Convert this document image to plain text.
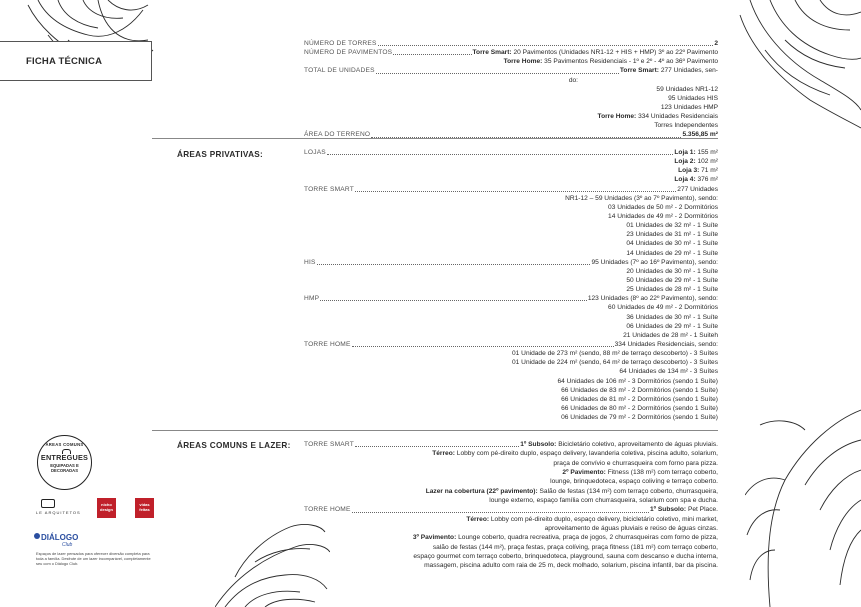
FICHA TÉCNICA
NÚMERO DE TORRES	2
NÚMERO DE PAVIMENTOS	Torre Smart: 20 Pavimentos (Unidades NR1-12 + HIS + HMP) 3º ao 22º Pavimento
Torre Home: 35 Pavimentos Residenciais - 1º e 2º - 4º ao 36º Pavimento
TOTAL DE UNIDADES	Torre Smart: 277 Unidades, sen-
do:
59 Unidades NR1-12
95 Unidades HIS
123 Unidades HMP
Torre Home: 334 Unidades Residenciais
Torres Independentes
ÁREA DO TERRENO	5.356,85 m²
ÁREAS PRIVATIVAS:	LOJAS	Loja 1: 155 m²
Loja 2: 102 m²
Loja 3: 71 m²
Loja 4: 376 m²
TORRE SMART	277 Unidades
NR1-12 – 59 Unidades (3º ao 7º Pavimento), sendo:
03 Unidades de 50 m² - 2 Dormitórios
14 Unidades de 49 m² - 2 Dormitórios
01 Unidades de 32 m² - 1 Suíte
23 Unidades de 31 m² - 1 Suíte
04 Unidades de 30 m² - 1 Suíte
14 Unidades de 29 m² - 1 Suíte
HIS	95 Unidades (7º ao 16º Pavimento), sendo:
20 Unidades de 30 m² - 1 Suíte
50 Unidades de 29 m² - 1 Suíte
25 Unidades de 28 m² - 1 Suíte
HMP	123 Unidades (8º ao 22º Pavimento), sendo:
60 Unidades de 49 m² - 2 Dormitórios
36 Unidades de 30 m² - 1 Suíte
06 Unidades de 29 m² - 1 Suíte
21 Unidades de 28 m² - 1 Suiteh
TORRE HOME	334 Unidades Residenciais, sendo:
01 Unidade de 273 m² (sendo, 88 m² de terraço descoberto) - 3 Suítes
01 Unidade de 224 m² (sendo, 64 m² de terraço descoberto) - 3 Suítes
64 Unidades de 134 m² - 3 Suítes
64 Unidades de 106 m² - 3 Dormitórios (sendo 1 Suíte)
66 Unidades de 83 m² - 2 Dormitórios (sendo 1 Suíte)
66 Unidades de 81 m² - 2 Dormitórios (sendo 1 Suíte)
66 Unidades de 80 m² - 2 Dormitórios (sendo 1 Suíte)
06 Unidades de 79 m² - 2 Dormitórios (sendo 1 Suíte)
ÁREAS COMUNS E LAZER: TORRE SMART	1º Subsolo: Bicicletário coletivo, aproveitamento de águas pluviais.
Térreo: Lobby com pé-direito duplo, espaço delivery, lavanderia coletiva, piscina adulto, solarium,
praça de convívio e churrasqueira com forno para pizza.
2º Pavimento: Fitness (138 m²) com terraço coberto,
lounge, brinquedoteca, espaço colivíng e terraço coberto.
Lazer na cobertura (22º pavimento): Salão de festas (134 m²) com terraço coberto, churrasqueira,
lounge externo, espaço família com churrasqueira, solarium com spa e ducha.
TORRE HOME	1º Subsolo: Pet Place.
Térreo: Lobby com pé-direito duplo, espaço delivery, bicicletário coletivo, mini market,
aproveitamento de águas pluviais e reúso de águas cinzas.
3º Pavimento: Lounge coberto, quadra recreativa, praça de jogos, 2 churrasqueiras com forno de pizza,
salão de festas (144 m²), praça festas, praça colíving, praça fitness (181 m²) com terraço coberto,
espaço gourmet com terraço coberto, brinquedoteca, playground, sauna com descanso e ducha interna,
massagem, piscina adulto com raia de 25 m, deck molhado, solarium, piscina infantil, bar da piscina.
ÁREAS COMUNS
ENTREGUES
EQUIPADAS E
DECORADAS
LE ARQUITETOS
nicho design
vidas feitas
DIÁLOGO
Club
Espaços de lazer pensados para oferecer diversão completa para toda a família. Desfrute de um lazer incomparável, completamente seu com o Diálogo Club.
